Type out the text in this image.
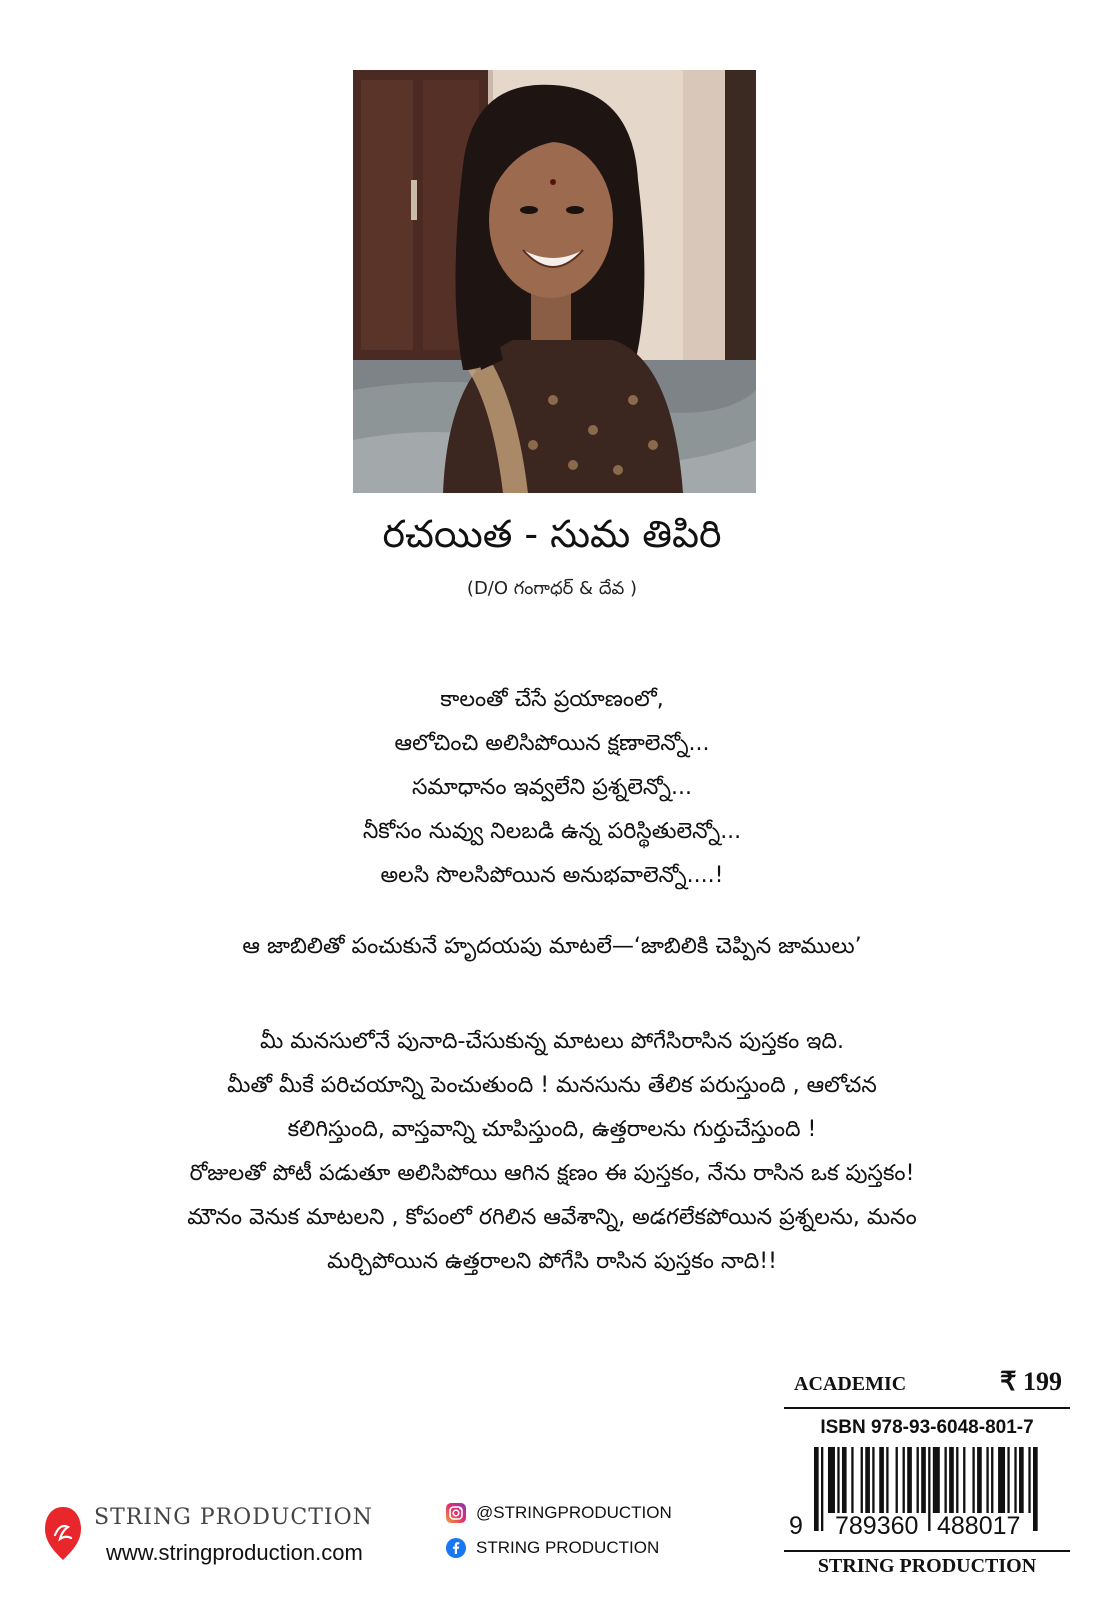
రచయిత - సుమ తిపిరి
(D/O గంగాధర్ & దేవ )
కాలంతో చేసే ప్రయాణంలో,
ఆలోచించి అలిసిపోయిన క్షణాలెన్నో...
సమాధానం ఇవ్వలేని ప్రశ్నలెన్నో...
నీకోసం నువ్వు నిలబడి ఉన్న పరిస్థితులెన్నో...
అలసి సొలసిపోయిన అనుభవాలెన్నో....!
ఆ జాబిలితో పంచుకునే హృదయపు మాటలే—‘జాబిలికి చెప్పిన జాములు’
మీ మనసులోనే పునాది-చేసుకున్న మాటలు పోగేసిరాసిన పుస్తకం ఇది.
మీతో మీకే పరిచయాన్ని పెంచుతుంది ! మనసును తేలిక పరుస్తుంది , ఆలోచన
కలిగిస్తుంది, వాస్తవాన్ని చూపిస్తుంది, ఉత్తరాలను గుర్తుచేస్తుంది !
రోజులతో పోటీ పడుతూ అలిసిపోయి ఆగిన క్షణం ఈ పుస్తకం, నేను రాసిన ఒక పుస్తకం!
మౌనం వెనుక మాటలని , కోపంలో రగిలిన ఆవేశాన్ని, అడగలేకపోయిన ప్రశ్నలను, మనం
మర్చిపోయిన ఉత్తరాలని పోగేసి రాసిన పుస్తకం నాది!!
STRING PRODUCTION
www.stringproduction.com
@STRINGPRODUCTION
STRING PRODUCTION
ACADEMIC	₹ 199
ISBN 978-93-6048-801-7
9 789360 488017
STRING PRODUCTION
